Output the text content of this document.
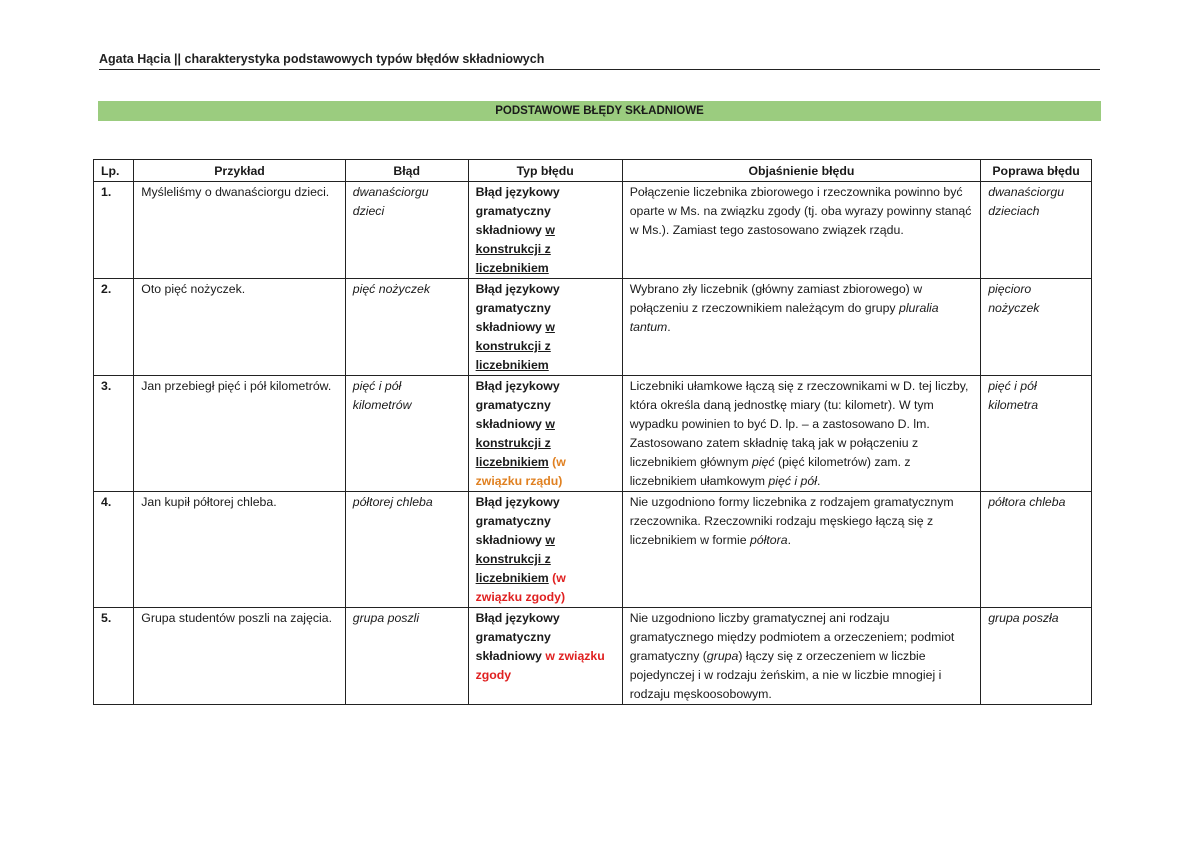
Agata Hącia || charakterystyka podstawowych typów błędów składniowych
PODSTAWOWE BŁĘDY SKŁADNIOWE
Lp.	Przykład	Błąd	Typ błędu	Objaśnienie błędu	Poprawa błędu
1.	Myśleliśmy o dwanaściorgu dzieci.	dwanaściorgu dzieci	Błąd językowy gramatyczny składniowy w konstrukcji z liczebnikiem	Połączenie liczebnika zbiorowego i rzeczownika powinno być oparte w Ms. na związku zgody (tj. oba wyrazy powinny stanąć w Ms.). Zamiast tego zastosowano związek rządu.	dwanaściorgu dzieciach
2.	Oto pięć nożyczek.	pięć nożyczek	Błąd językowy gramatyczny składniowy w konstrukcji z liczebnikiem	Wybrano zły liczebnik (główny zamiast zbiorowego) w połączeniu z rzeczownikiem należącym do grupy pluralia tantum.	pięcioro nożyczek
3.	Jan przebiegł pięć i pół kilometrów.	pięć i pół kilometrów	Błąd językowy gramatyczny składniowy w konstrukcji z liczebnikiem (w związku rządu)	Liczebniki ułamkowe łączą się z rzeczownikami w D. tej liczby, która określa daną jednostkę miary (tu: kilometr). W tym wypadku powinien to być D. lp. – a zastosowano D. lm. Zastosowano zatem składnię taką jak w połączeniu z liczebnikiem głównym pięć (pięć kilometrów) zam. z liczebnikiem ułamkowym pięć i pół.	pięć i pół kilometra
4.	Jan kupił półtorej chleba.	półtorej chleba	Błąd językowy gramatyczny składniowy w konstrukcji z liczebnikiem (w związku zgody)	Nie uzgodniono formy liczebnika z rodzajem gramatycznym rzeczownika. Rzeczowniki rodzaju męskiego łączą się z liczebnikiem w formie półtora.	półtora chleba
5.	Grupa studentów poszli na zajęcia.	grupa poszli	Błąd językowy gramatyczny składniowy w związku zgody	Nie uzgodniono liczby gramatycznej ani rodzaju gramatycznego między podmiotem a orzeczeniem; podmiot gramatyczny (grupa) łączy się z orzeczeniem w liczbie pojedynczej i w rodzaju żeńskim, a nie w liczbie mnogiej i rodzaju męskoosobowym.	grupa poszła
